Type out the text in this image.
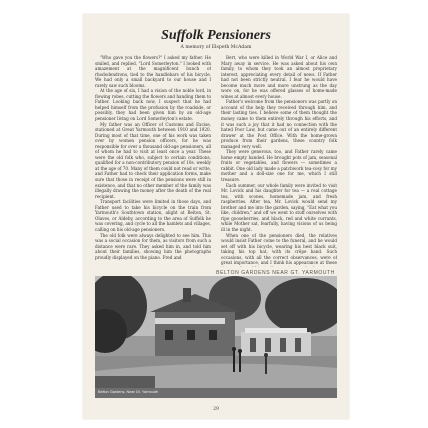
Suffolk Pensioners
A memory of Elspeth McAdam

"Who gave you the flowers?" I asked my father. He smiled, and replied, "Lord Somerleyton." I looked with amazement at the magnificent bunch of rhododendrons, tied to the handlebars of his bicycle. We had only a small backyard to our house and I rarely saw such blooms.

At the age of six, I had a vision of the noble lord, in flowing robes, cutting the flowers and handing them to Father. Looking back now, I suspect that he had helped himself from the profusion by the roadside, or possibly, they had been given him by an old-age pensioner living on Lord Somerleyton's estate.

My father was an Officer of Customs and Excise, stationed at Great Yarmouth between 1910 and 1920. During most of that time, one of his work was taken over by women pension officers, for he was responsible for over a thousand old-age pensioners, all of whom he had to visit at least once a year. These were the old folk who, subject to certain conditions, qualified for a non-contributory pension of 10s. weekly at the age of 70. Many of them could not read or write, and Father had to check their application forms, make sure that those in receipt of the pensions were still in existence, and that no other member of the family was illegally drawing the money after the death of the real recipient.

Transport facilities were limited in those days, and Father used to take his bicycle on the train from Yarmouth's Southtown station, alight at Belton, St. Olaves, or Aldeby, according to the area of Suffolk he was covering, and cycle to all the hamlets and villages, calling on his old-age pensioners.

The old folk were always delighted to see him. This was a social occasion for them, as visitors from such a distance were rare. They asked him in, and told him about their families, showing him the photographs proudly displayed on the piano. Fred and

Bert, who were killed in World War I, or Alice and Mary away in service. He was asked about his own family, to whom they took an almost proprietary interest, appreciating every detail of news. If Father had not been strictly neutral, I fear he would have become much more and more unstrung as the day wore on, for he was offered glasses of home-made wines at almost every house.

Father's welcome from the pensioners was partly on account of the help they received through him, and their lasting ties. I believe some of them thought the money came to them entirely through his efforts, and it was such a joy that it had no connection with the hated Poor Law, but came out of an entirely different drawer at the Post Office. With the home-grown produce from their gardens, these country folk managed very well.

They were generous, too, and Father rarely came home empty handed. He brought pots of jam, seasonal fruits or vegetables, and flowers — sometimes a rabbit. One old lady made a patchwork tea-cosy for my mother and a doll-size one for me, which I still treasure.

Each summer, our whole family were invited to visit Mr. Lovick and his daughter for tea — a real cottage tea, with scones, homemade jam, and fresh raspberries. After tea, Mr. Lovick would send my brother and me into the garden, saying, "Eat what you like, children," and off we went to stuff ourselves with ripe gooseberries, and black, red and white currants, while Mother sat, fearfully, having visions of us being ill in the night.

When one of the pensioners died, the relatives would insist Father come to the funeral, and he would set off with his bicycle, wearing his best black suit, taking his top hat, with its crêpe band. Such occasions, with all the correct observances, were of great importance, and I think his appearance at these

BELTON GARDENS NEAR GT. YARMOUTH
Belton Gardens, Near Gt. Yarmouth
29
